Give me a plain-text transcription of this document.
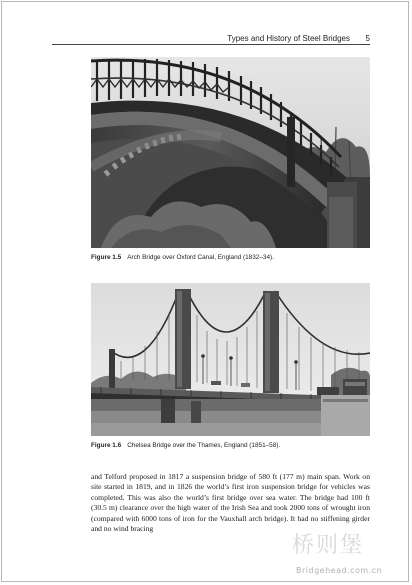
Types and History of Steel Bridges 5
Figure 1.5 Arch Bridge over Oxford Canal, England (1832–34).
Figure 1.6 Chelsea Bridge over the Thames, England (1851–58).
and Telford proposed in 1817 a suspension bridge of 580 ft (177 m) main span. Work on site started in 1819, and in 1826 the world’s first iron suspension bridge for vehicles was completed. This was also the world’s first bridge over sea water. The bridge had 100 ft (30.5 m) clearance over the high water of the Irish Sea and took 2000 tons of wrought iron (compared with 6000 tons of iron for the Vauxhall arch bridge). It had no stiffening girder and no wind bracing
桥则堡
Bridgehead.com.cn
